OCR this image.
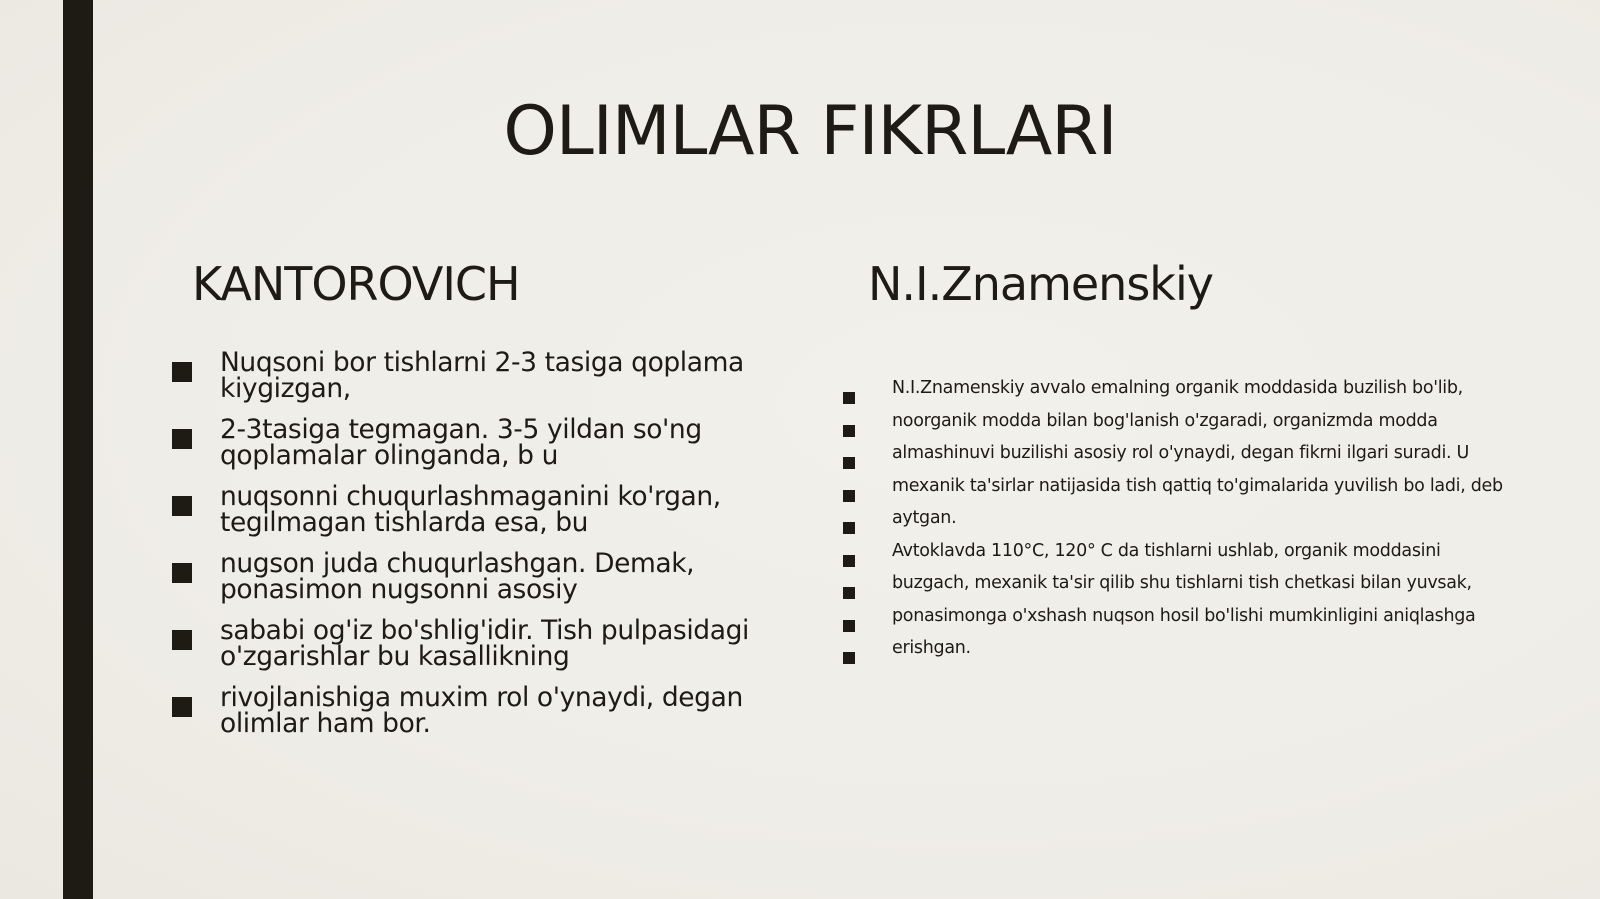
OLIMLAR FIKRLARI
KANTOROVICH	N.I.Znamenskiy
Nuqsoni bor tishlarni 2-3 tasiga qoplama kiygizgan,
2-3tasiga tegmagan. 3-5 yildan so'ng qoplamalar olinganda, b u
nuqsonni chuqurlashmaganini ko'rgan, tegilmagan tishlarda esa, bu
nugson juda chuqurlashgan. Demak, ponasimon nugsonni asosiy
sababi og'iz bo'shlig'idir. Tish pulpasidagi o'zgarishlar bu kasallikning
rivojlanishiga muxim rol o'ynaydi, degan olimlar ham bor.

N.I.Znamenskiy avvalo emalning organik moddasida buzilish bo'lib, noorganik modda bilan bog'lanish o'zgaradi, organizmda modda almashinuvi buzilishi asosiy rol o'ynaydi, degan fikrni ilgari suradi. U mexanik ta'sirlar natijasida tish qattiq to'gimalarida yuvilish bo ladi, deb aytgan.

Avtoklavda 110°C, 120° C da tishlarni ushlab, organik moddasini buzgach, mexanik ta'sir qilib shu tishlarni tish chetkasi bilan yuvsak, ponasimonga o'xshash nuqson hosil bo'lishi mumkinligini aniqlashga erishgan.
